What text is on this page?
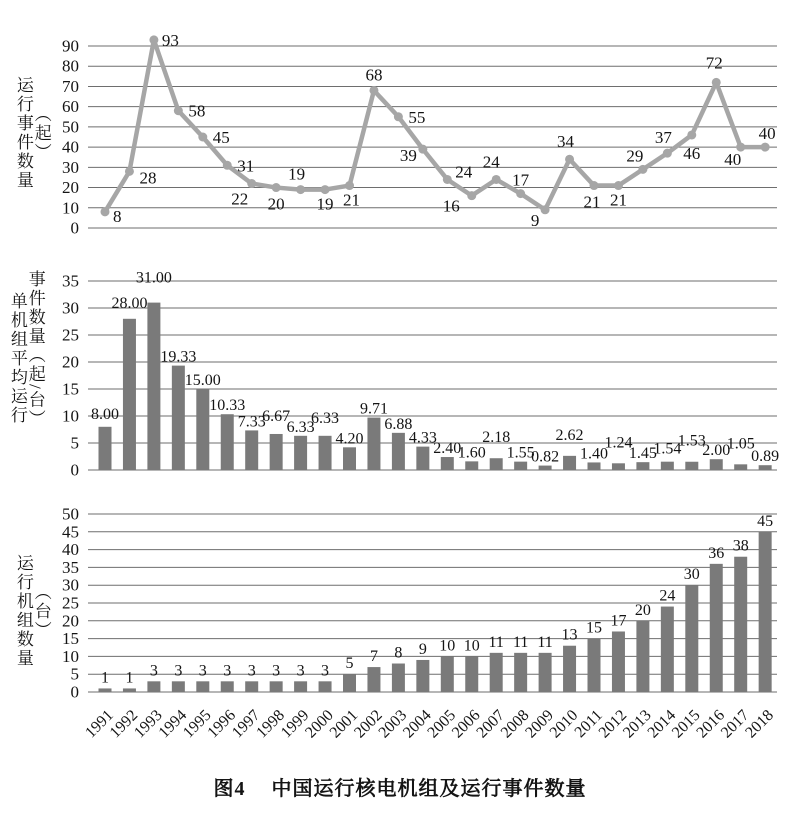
运行事件数量
（起）
单机组平均运行
事件数量（起/台）
运行机组数量
（台）
0
10
20
30
40
50
60
70
80
90
8
28
93
58
45
31
22 20
19
19 21
68
55
39
24
16
24
17
9
34
21 21
29
37
46
72
40
40
0
5
10
15
20
25
30
35
8.00
28.00
31.00
19.33
15.00
10.33
7.33
6.67
6.33
6.33
4.20
9.71
6.88
4.33
2.40
1.60
2.18
1.55
0.82
2.62
1.40
1.24
1.45
1.54
1.53
2.00
1.05
0.89
0
5
10
15
20
25
30
35
40
45
50
1 1 3 3 3 3 3 3 3 3 5 7 8 9 10 10 11 11 11 13 15 17
20
24
30
36 38
45
1991
1992
1993
1994
1995
1996
1997
1998
1999
2000
2001
2002
2003
2004
2005
2006
2007
2008
2009
2010
2011
2012
2013
2014
2015
2016
2017
2018
图4 中国运行核电机组及运行事件数量
